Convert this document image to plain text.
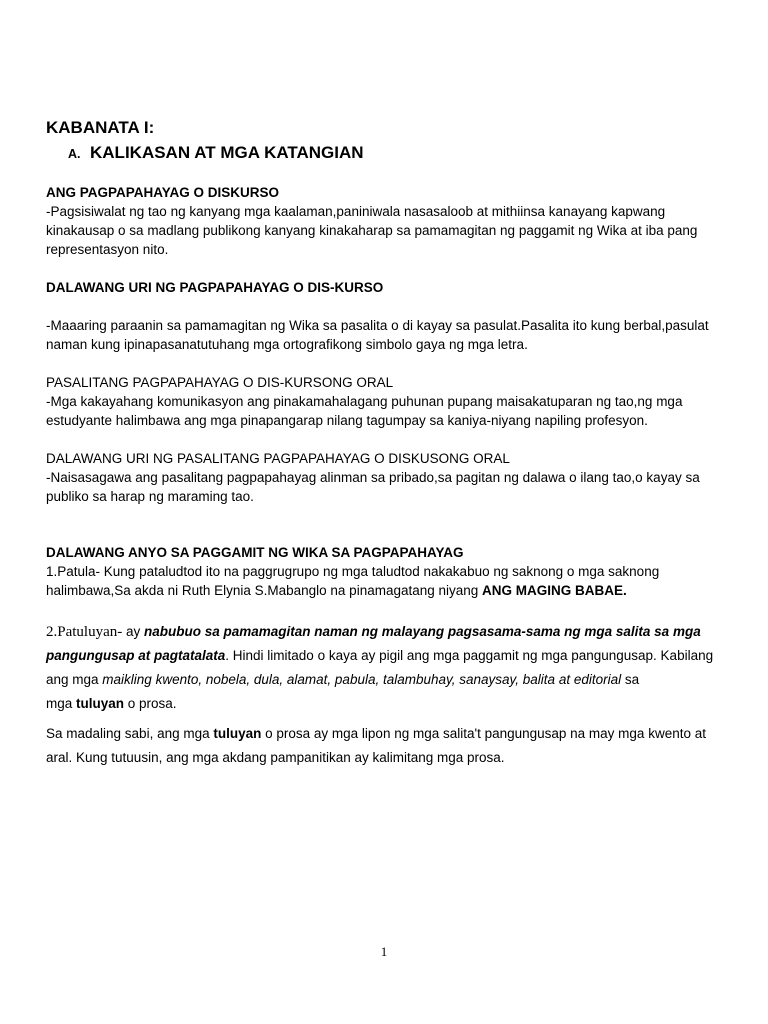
KABANATA I:
A. KALIKASAN AT MGA KATANGIAN
ANG PAGPAPAHAYAG O DISKURSO
-Pagsisiwalat ng tao ng kanyang mga kaalaman,paniniwala nasasaloob at mithiinsa kanayang kapwang
kinakausap o sa madlang publikong kanyang kinakaharap sa pamamagitan ng paggamit ng Wika at iba pang
representasyon nito.
DALAWANG URI NG PAGPAPAHAYAG O DIS-KURSO
-Maaaring paraanin sa pamamagitan ng Wika sa pasalita o di kayay sa pasulat.Pasalita ito kung berbal,pasulat
naman kung ipinapasanatutuhang mga ortografikong simbolo gaya ng mga letra.
PASALITANG PAGPAPAHAYAG O DIS-KURSONG ORAL
-Mga kakayahang komunikasyon ang pinakamahalagang puhunan pupang maisakatuparan ng tao,ng mga
estudyante halimbawa ang mga pinapangarap nilang tagumpay sa kaniya-niyang napiling profesyon.
DALAWANG URI NG PASALITANG PAGPAPAHAYAG O DISKUSONG ORAL
-Naisasagawa ang pasalitang pagpapahayag alinman sa pribado,sa pagitan ng dalawa o ilang tao,o kayay sa
publiko sa harap ng maraming tao.
DALAWANG ANYO SA PAGGAMIT NG WIKA SA PAGPAPAHAYAG
1.Patula- Kung pataludtod ito na paggrugrupo ng mga taludtod nakakabuo ng saknong o mga saknong
halimbawa,Sa akda ni Ruth Elynia S.Mabanglo na pinamagatang niyang ANG MAGING BABAE.
2.Patuluyan- ay nabubuo sa pamamagitan naman ng malayang pagsasama-sama ng mga salita sa mga
pangungusap at pagtatalata. Hindi limitado o kaya ay pigil ang mga paggamit ng mga pangungusap. Kabilang
ang mga maikling kwento, nobela, dula, alamat, pabula, talambuhay, sanaysay, balita at editorial sa
mga tuluyan o prosa.
Sa madaling sabi, ang mga tuluyan o prosa ay mga lipon ng mga salita't pangungusap na may mga kwento at
aral. Kung tutuusin, ang mga akdang pampanitikan ay kalimitang mga prosa.
1
